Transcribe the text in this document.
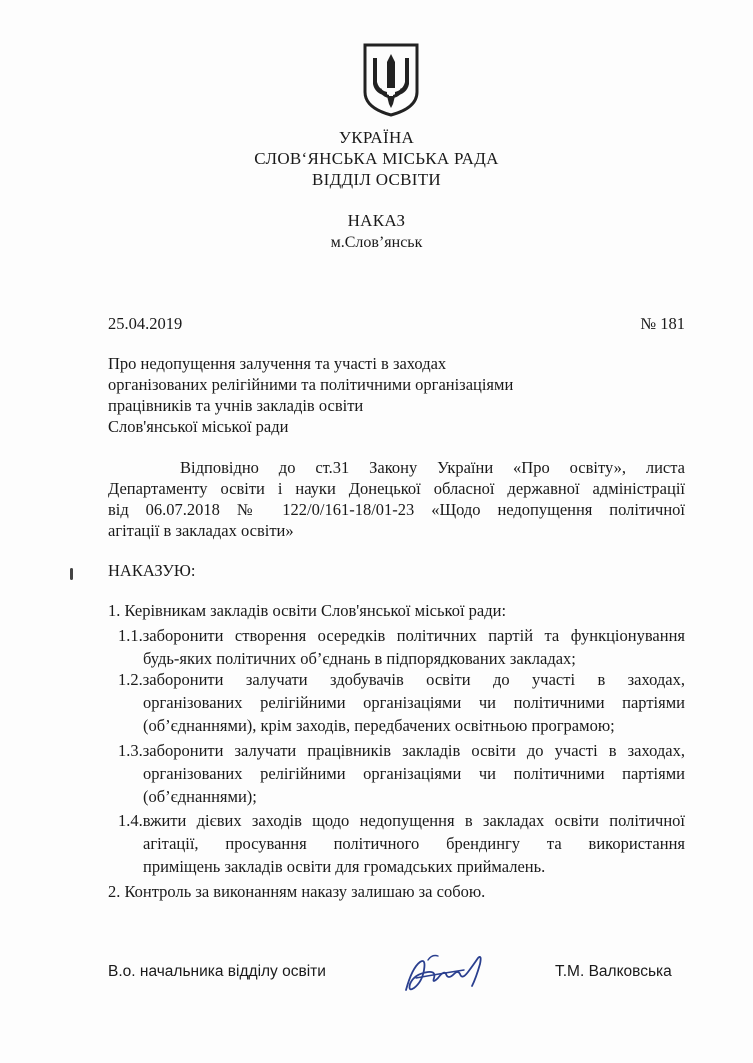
УКРАЇНА
СЛОВ‘ЯНСЬКА МІСЬКА РАДА
ВІДДІЛ ОСВІТИ
НАКАЗ
м.Слов’янськ
25.04.2019	№ 181
Про недопущення залучення та участі в заходах
організованих релігійними та політичними організаціями
працівників та учнів закладів освіти
Слов'янської міської ради
Відповідно до ст.31 Закону України «Про освіту», листа
Департаменту освіти і науки Донецької обласної державної адміністрації
від 06.07.2018 № 122/0/161-18/01-23 «Щодо недопущення політичної
агітації в закладах освіти»
НАКАЗУЮ:
1. Керівникам закладів освіти Слов'янської міської ради:
1.1.заборонити створення осередків політичних партій та функціонування
будь-яких політичних об’єднань в підпорядкованих закладах;
1.2.заборонити залучати здобувачів освіти до участі в заходах,
організованих релігійними організаціями чи політичними партіями
(об’єднаннями), крім заходів, передбачених освітньою програмою;
1.3.заборонити залучати працівників закладів освіти до участі в заходах,
організованих релігійними організаціями чи політичними партіями
(об’єднаннями);
1.4.вжити дієвих заходів щодо недопущення в закладах освіти політичної
агітації, просування політичного брендингу та використання
приміщень закладів освіти для громадських приймалень.
2. Контроль за виконанням наказу залишаю за собою.
В.о. начальника відділу освіти	Т.М. Валковська
